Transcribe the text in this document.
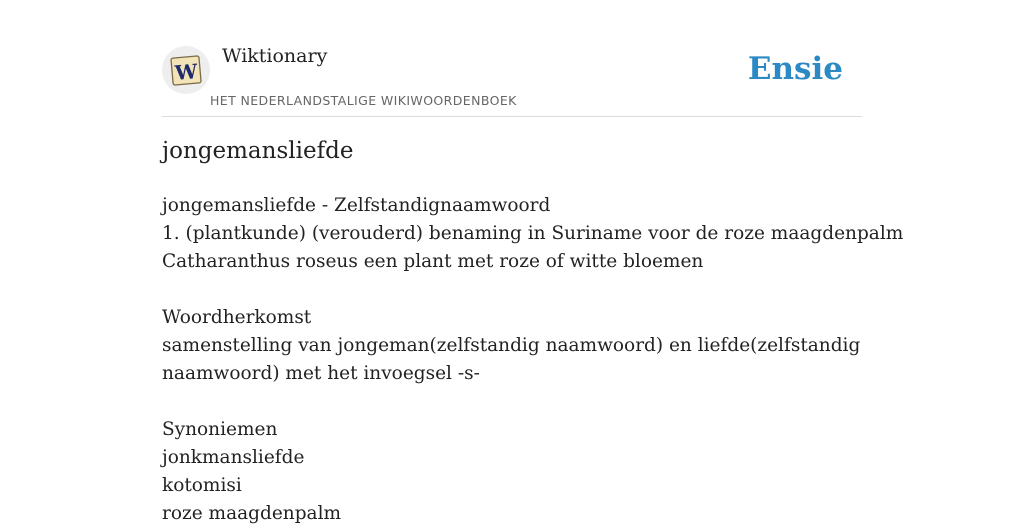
W
Wiktionary
HET NEDERLANDSTALIGE WIKIWOORDENBOEK
Ensie
jongemansliefde
jongemansliefde - Zelfstandignaamwoord
1. (plantkunde) (verouderd) benaming in Suriname voor de roze maagdenpalm
Catharanthus roseus een plant met roze of witte bloemen
Woordherkomst
samenstelling van jongeman(zelfstandig naamwoord) en liefde(zelfstandig
naamwoord) met het invoegsel -s-
Synoniemen
jonkmansliefde
kotomisi
roze maagdenpalm
